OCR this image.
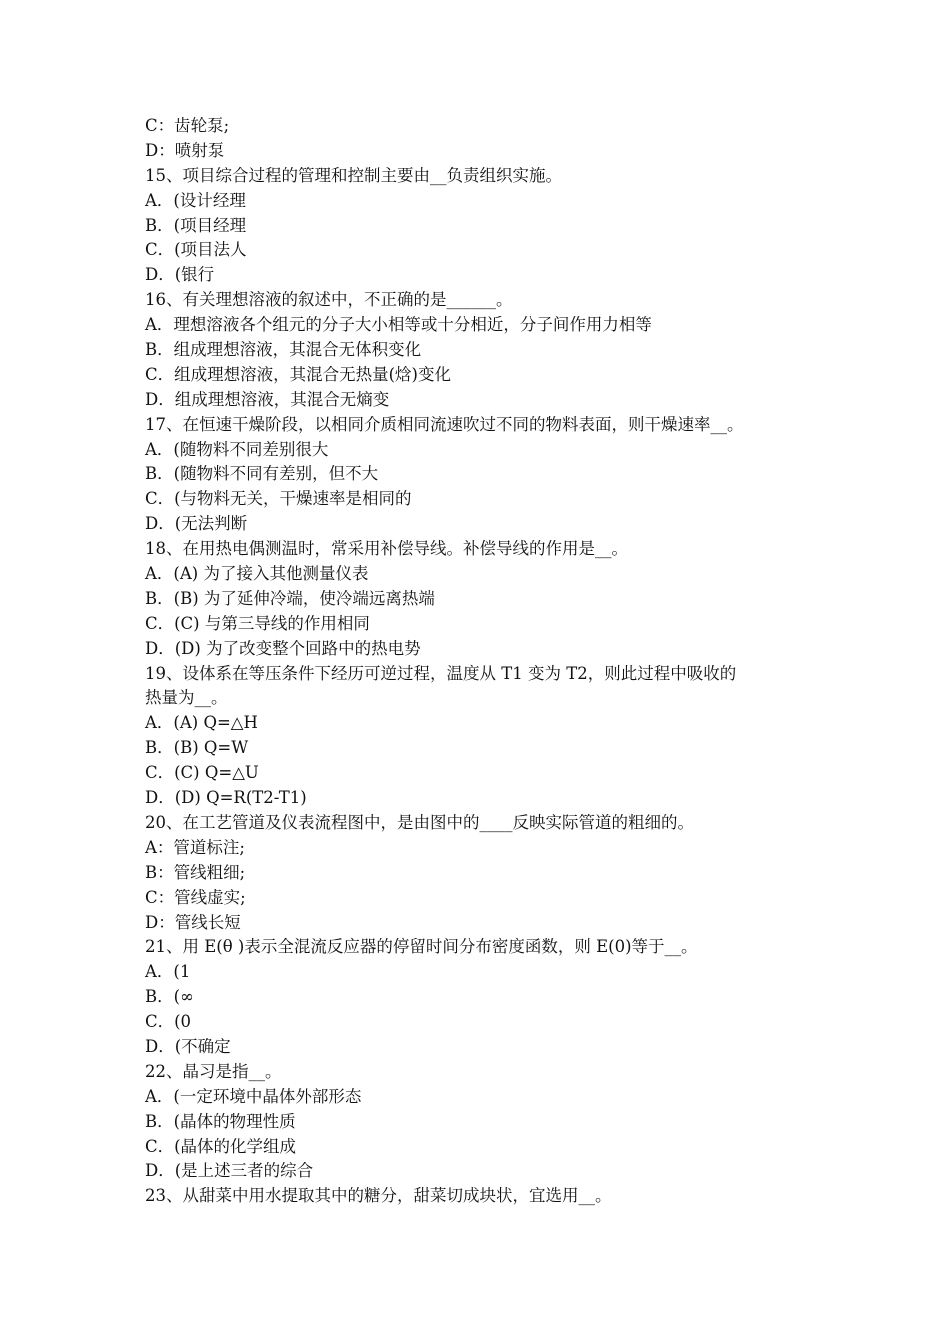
C：齿轮泵;
D：喷射泵
15、项目综合过程的管理和控制主要由__负责组织实施。
A．(设计经理
B．(项目经理
C．(项目法人
D．(银行
16、有关理想溶液的叙述中，不正确的是______。
A．理想溶液各个组元的分子大小相等或十分相近，分子间作用力相等
B．组成理想溶液，其混合无体积变化
C．组成理想溶液，其混合无热量(焓)变化
D．组成理想溶液，其混合无熵变
17、在恒速干燥阶段，以相同介质相同流速吹过不同的物料表面，则干燥速率__。
A．(随物料不同差别很大
B．(随物料不同有差别，但不大
C．(与物料无关，干燥速率是相同的
D．(无法判断
18、在用热电偶测温时，常采用补偿导线。补偿导线的作用是__。
A．(A) 为了接入其他测量仪表
B．(B) 为了延伸冷端，使冷端远离热端
C．(C) 与第三导线的作用相同
D．(D) 为了改变整个回路中的热电势
19、设体系在等压条件下经历可逆过程，温度从 T1 变为 T2，则此过程中吸收的
热量为__。
A．(A) Q=△H
B．(B) Q=W
C．(C) Q=△U
D．(D) Q=R(T2-T1)
20、在工艺管道及仪表流程图中，是由图中的____反映实际管道的粗细的。
A：管道标注;
B：管线粗细;
C：管线虚实;
D：管线长短
21、用 E(θ )表示全混流反应器的停留时间分布密度函数，则 E(0)等于__。
A．(1
B．(∞
C．(0
D．(不确定
22、晶习是指__。
A．(一定环境中晶体外部形态
B．(晶体的物理性质
C．(晶体的化学组成
D．(是上述三者的综合
23、从甜菜中用水提取其中的糖分，甜菜切成块状，宜选用__。
